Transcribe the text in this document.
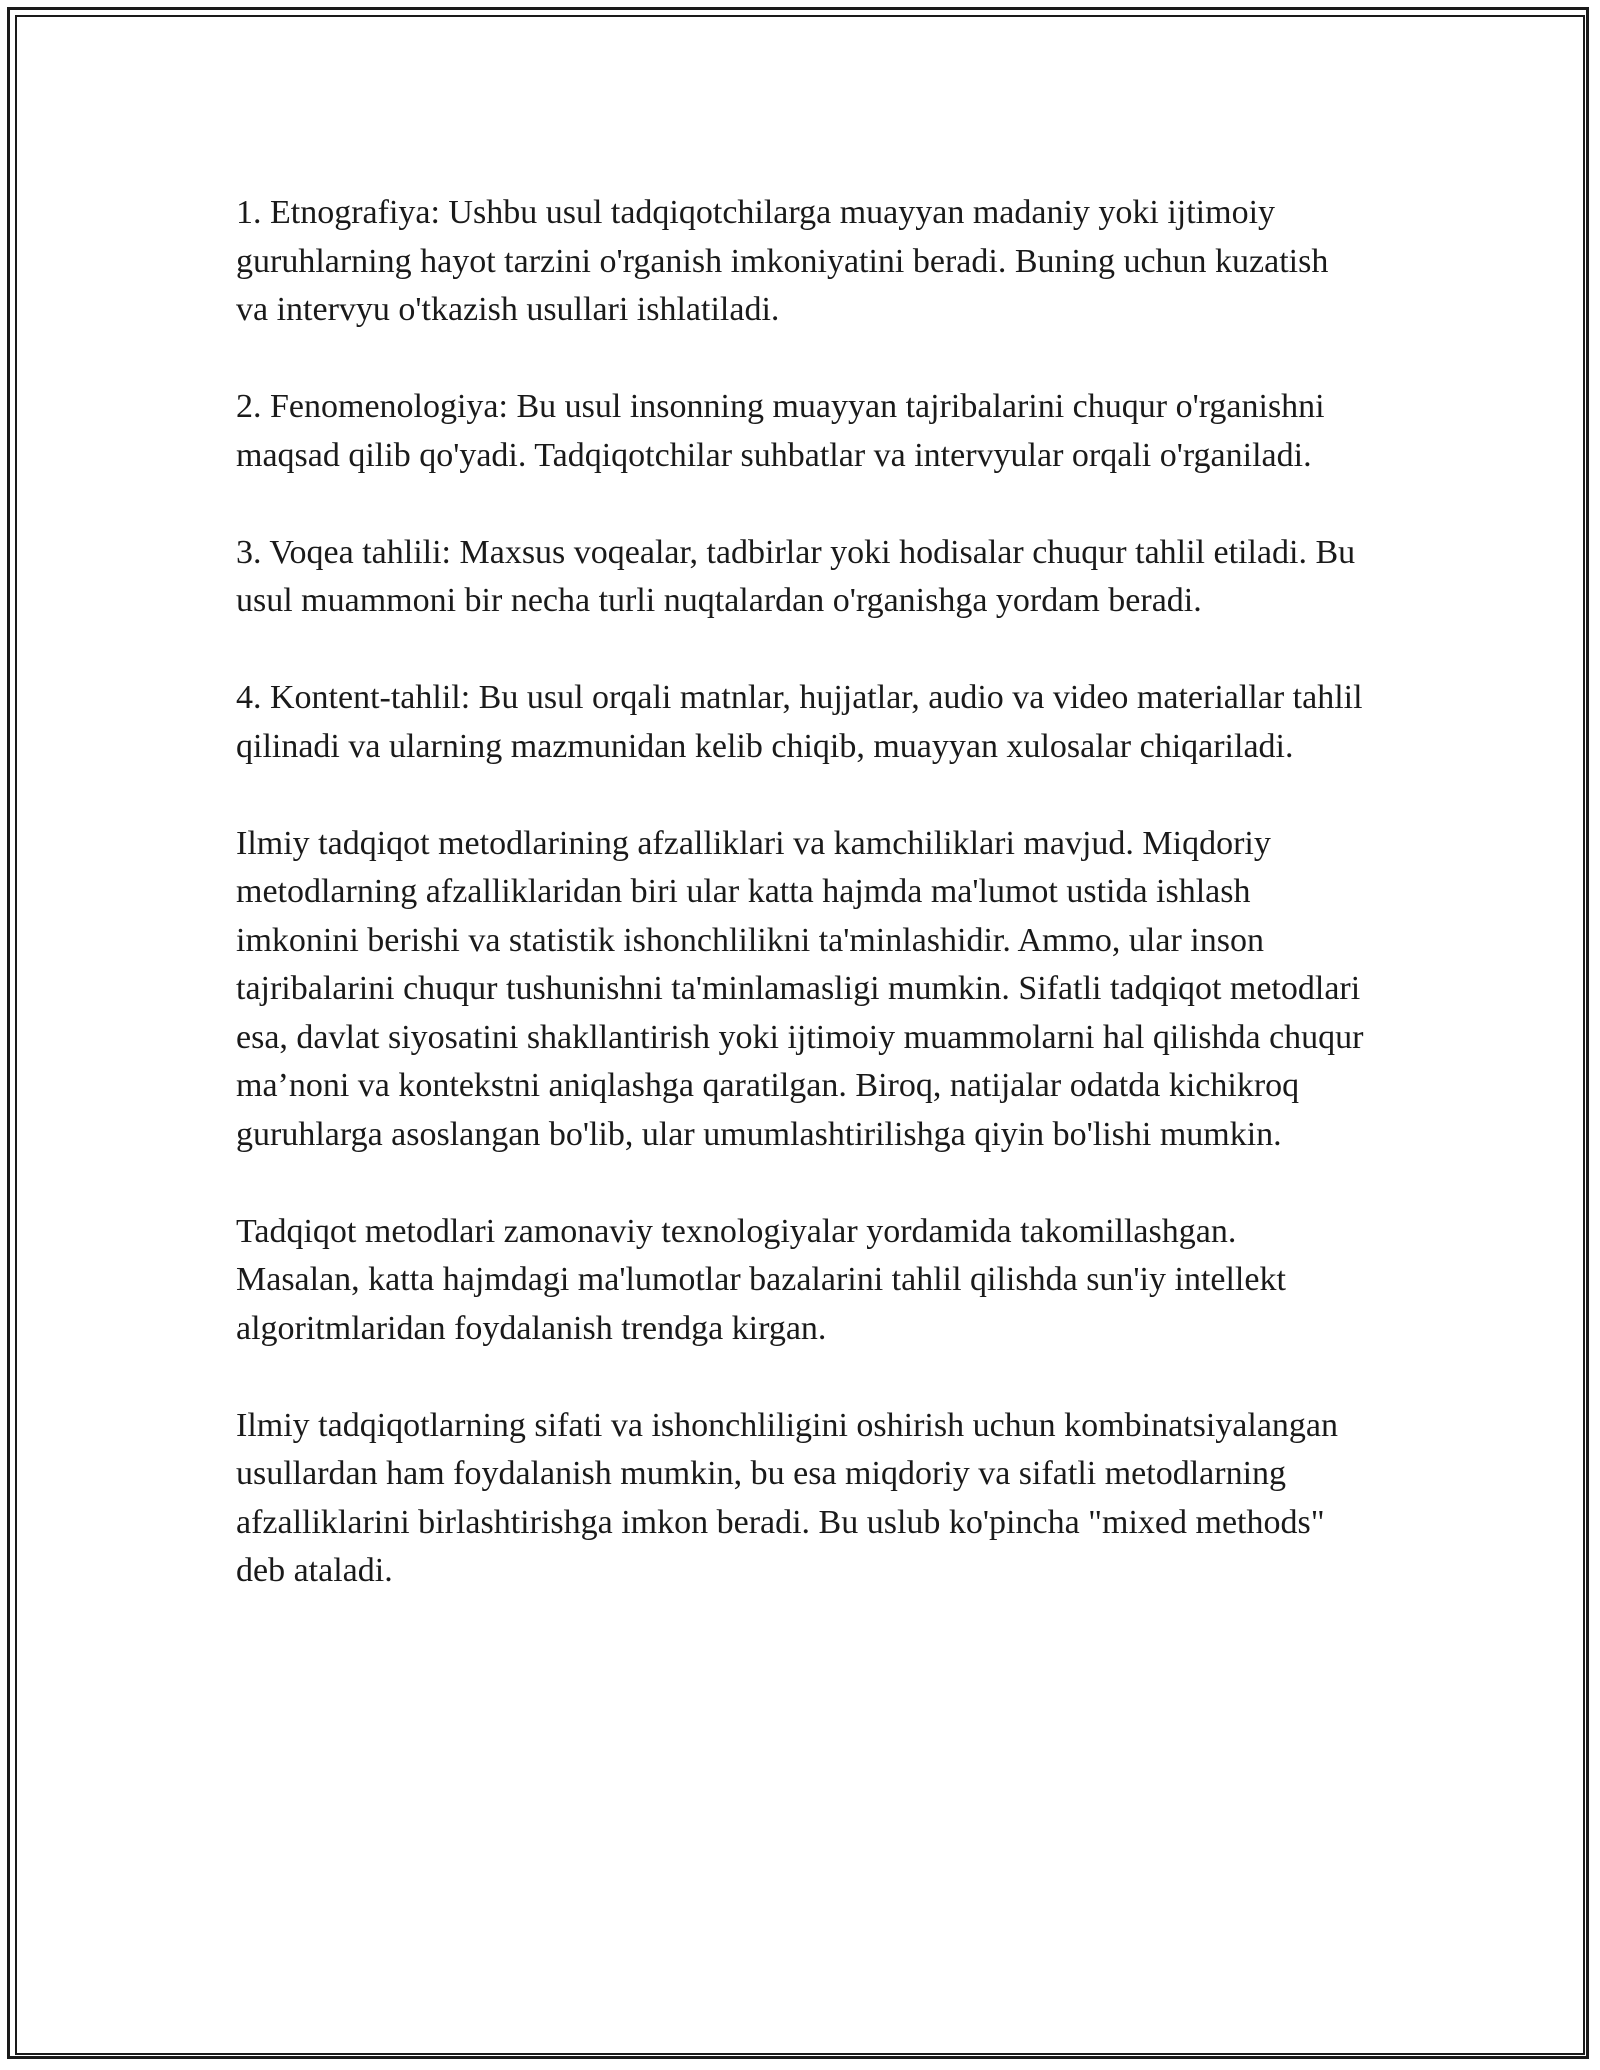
1. Etnografiya: Ushbu usul tadqiqotchilarga muayyan madaniy yoki ijtimoiy guruhlarning hayot tarzini o'rganish imkoniyatini beradi. Buning uchun kuzatish va intervyu o'tkazish usullari ishlatiladi.

2. Fenomenologiya: Bu usul insonning muayyan tajribalarini chuqur o'rganishni maqsad qilib qo'yadi. Tadqiqotchilar suhbatlar va intervyular orqali o'rganiladi.

3. Voqea tahlili: Maxsus voqealar, tadbirlar yoki hodisalar chuqur tahlil etiladi. Bu usul muammoni bir necha turli nuqtalardan o'rganishga yordam beradi.

4. Kontent-tahlil: Bu usul orqali matnlar, hujjatlar, audio va video materiallar tahlil qilinadi va ularning mazmunidan kelib chiqib, muayyan xulosalar chiqariladi.

Ilmiy tadqiqot metodlarining afzalliklari va kamchiliklari mavjud. Miqdoriy metodlarning afzalliklaridan biri ular katta hajmda ma'lumot ustida ishlash imkonini berishi va statistik ishonchlilikni ta'minlashidir. Ammo, ular inson tajribalarini chuqur tushunishni ta'minlamasligi mumkin. Sifatli tadqiqot metodlari esa, davlat siyosatini shakllantirish yoki ijtimoiy muammolarni hal qilishda chuqur ma’noni va kontekstni aniqlashga qaratilgan. Biroq, natijalar odatda kichikroq guruhlarga asoslangan bo'lib, ular umumlashtirilishga qiyin bo'lishi mumkin.

Tadqiqot metodlari zamonaviy texnologiyalar yordamida takomillashgan. Masalan, katta hajmdagi ma'lumotlar bazalarini tahlil qilishda sun'iy intellekt algoritmlaridan foydalanish trendga kirgan.

Ilmiy tadqiqotlarning sifati va ishonchliligini oshirish uchun kombinatsiyalangan usullardan ham foydalanish mumkin, bu esa miqdoriy va sifatli metodlarning afzalliklarini birlashtirishga imkon beradi. Bu uslub ko'pincha "mixed methods" deb ataladi.
